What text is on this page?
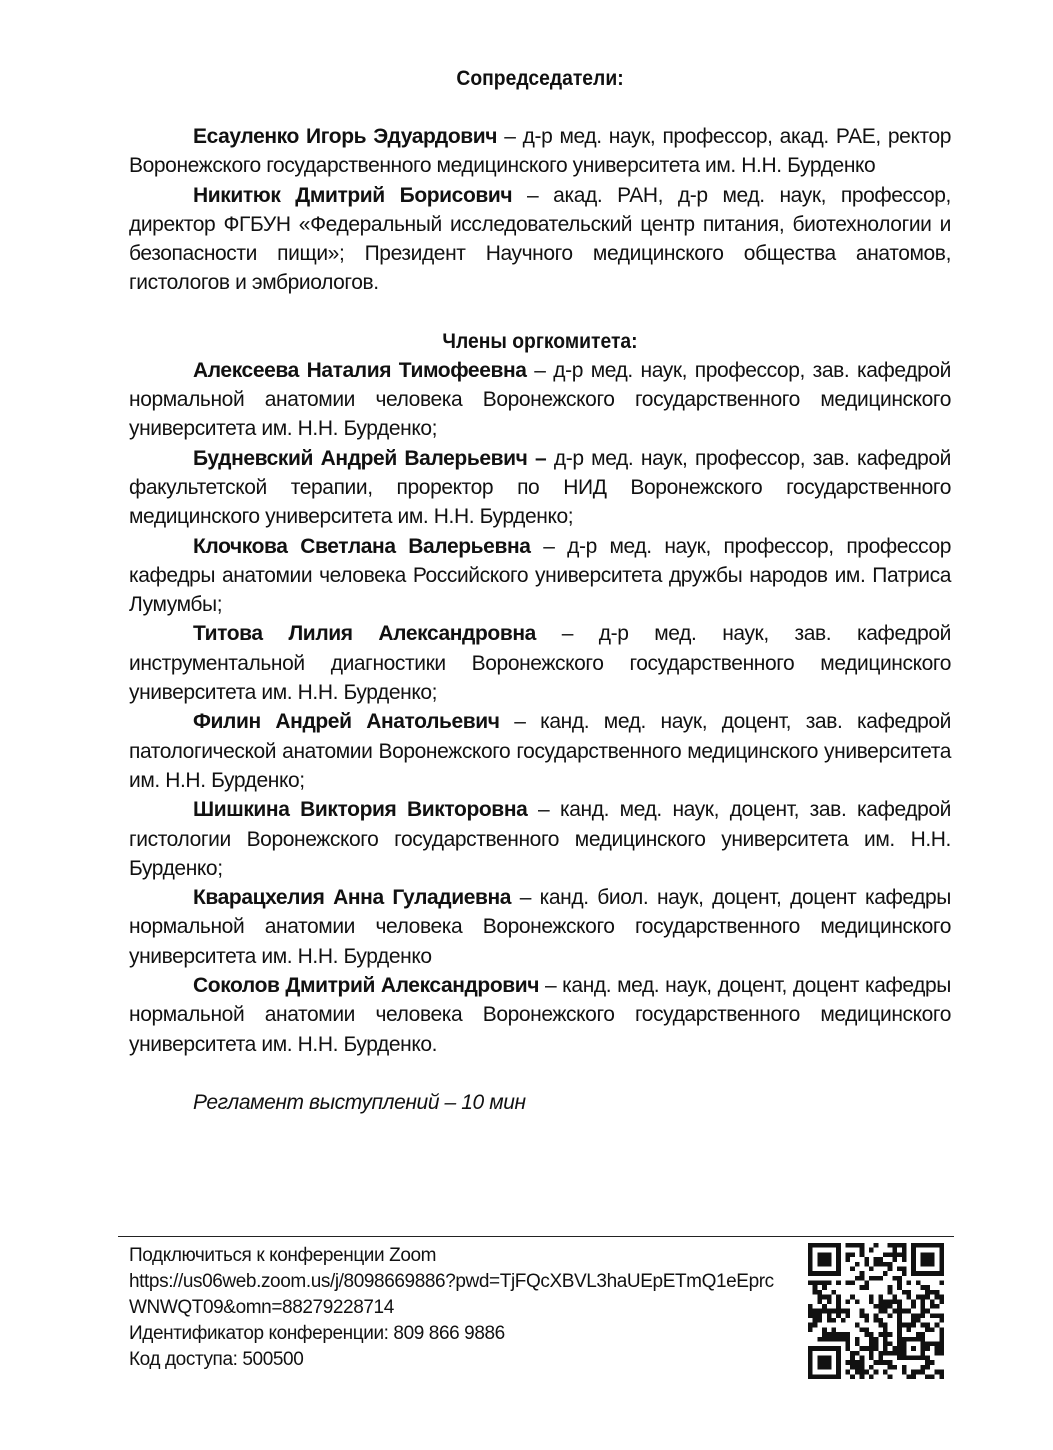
Сопредседатели:

Есауленко Игорь Эдуардович – д-р мед. наук, профессор, акад. РАЕ, ректор Воронежского государственного медицинского университета им. Н.Н. Бурденко

Никитюк Дмитрий Борисович – акад. РАН, д-р мед. наук, профессор, директор ФГБУН «Федеральный исследовательский центр питания, биотехнологии и безопасности пищи»; Президент Научного медицинского общества анатомов, гистологов и эмбриологов.

Члены оргкомитета:

Алексеева Наталия Тимофеевна – д-р мед. наук, профессор, зав. кафедрой нормальной анатомии человека Воронежского государственного медицинского университета им. Н.Н. Бурденко;

Будневский Андрей Валерьевич – д-р мед. наук, профессор, зав. кафедрой факультетской терапии, проректор по НИД Воронежского государственного медицинского университета им. Н.Н. Бурденко;

Клочкова Светлана Валерьевна – д-р мед. наук, профессор, профессор кафедры анатомии человека Российского университета дружбы народов им. Патриса Лумумбы;

Титова Лилия Александровна – д-р мед. наук, зав. кафедрой инструментальной диагностики Воронежского государственного медицинского университета им. Н.Н. Бурденко;

Филин Андрей Анатольевич – канд. мед. наук, доцент, зав. кафедрой патологической анатомии Воронежского государственного медицинского университета им. Н.Н. Бурденко;

Шишкина Виктория Викторовна – канд. мед. наук, доцент, зав. кафедрой гистологии Воронежского государственного медицинского университета им. Н.Н. Бурденко;

Кварацхелия Анна Гуладиевна – канд. биол. наук, доцент, доцент кафедры нормальной анатомии человека Воронежского государственного медицинского университета им. Н.Н. Бурденко

Соколов Дмитрий Александрович – канд. мед. наук, доцент, доцент кафедры нормальной анатомии человека Воронежского государственного медицинского университета им. Н.Н. Бурденко.

Регламент выступлений – 10 мин

Подключиться к конференции Zoom
https://us06web.zoom.us/j/8098669886?pwd=TjFQcXBVL3haUEpETmQ1eEprc
WNWQT09&omn=88279228714
Идентификатор конференции: 809 866 9886
Код доступа: 500500
